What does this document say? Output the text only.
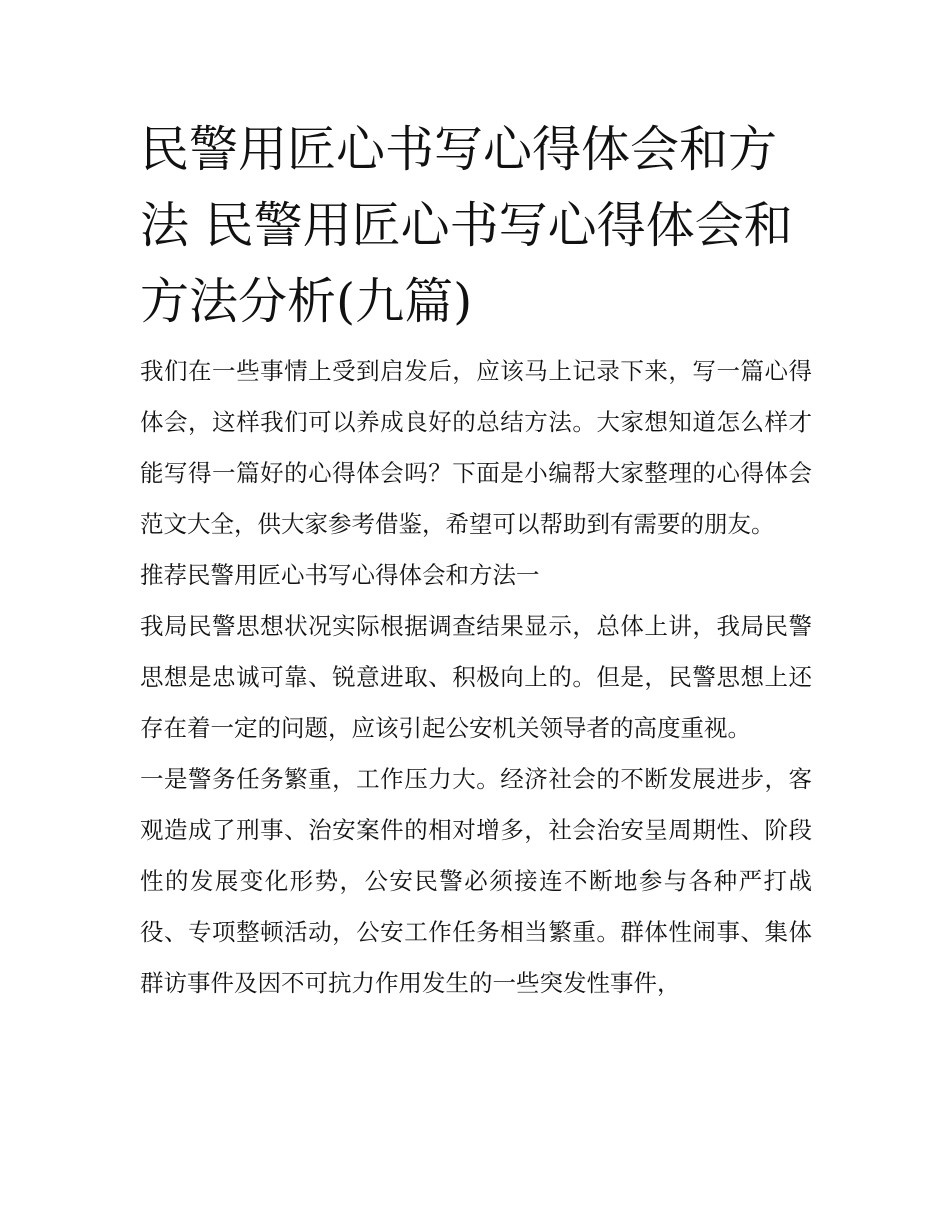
民警用匠心书写心得体会和方法 民警用匠心书写心得体会和方法分析(九篇)

我们在一些事情上受到启发后，应该马上记录下来，写一篇心得体会，这样我们可以养成良好的总结方法。大家想知道怎么样才能写得一篇好的心得体会吗？下面是小编帮大家整理的心得体会范文大全，供大家参考借鉴，希望可以帮助到有需要的朋友。

推荐民警用匠心书写心得体会和方法一

我局民警思想状况实际根据调查结果显示，总体上讲，我局民警思想是忠诚可靠、锐意进取、积极向上的。但是，民警思想上还存在着一定的问题，应该引起公安机关领导者的高度重视。

一是警务任务繁重，工作压力大。经济社会的不断发展进步，客观造成了刑事、治安案件的相对增多，社会治安呈周期性、阶段性的发展变化形势，公安民警必须接连不断地参与各种严打战役、专项整顿活动，公安工作任务相当繁重。群体性闹事、集体群访事件及因不可抗力作用发生的一些突发性事件，
